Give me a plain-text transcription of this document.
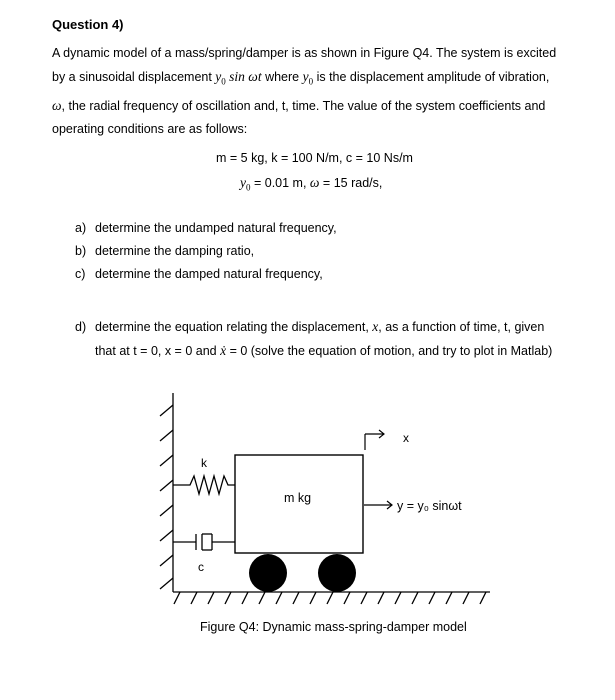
Question 4)

A dynamic model of a mass/spring/damper is as shown in Figure Q4. The system is excited

by a sinusoidal displacement $y_0$ sin ωt where $y_0$ is the displacement amplitude of vibration,

ω, the radial frequency of oscillation and, t, time. The value of the system coefficients and

operating conditions are as follows:

m = 5 kg, k = 100 N/m, c = 10 Ns/m
$y_0 = 0.01$ m, ω = 15 rad/s,
a) determine the undamped natural frequency,
b) determine the damping ratio,
c) determine the damped natural frequency,
d) determine the equation relating the displacement, x, as a function of time, t, given
that at t = 0, x = 0 and ẋ = 0 (solve the equation of motion, and try to plot in Matlab)
k
c
m kg
x
y = y₀ sinωt
Figure Q4: Dynamic mass-spring-damper model
